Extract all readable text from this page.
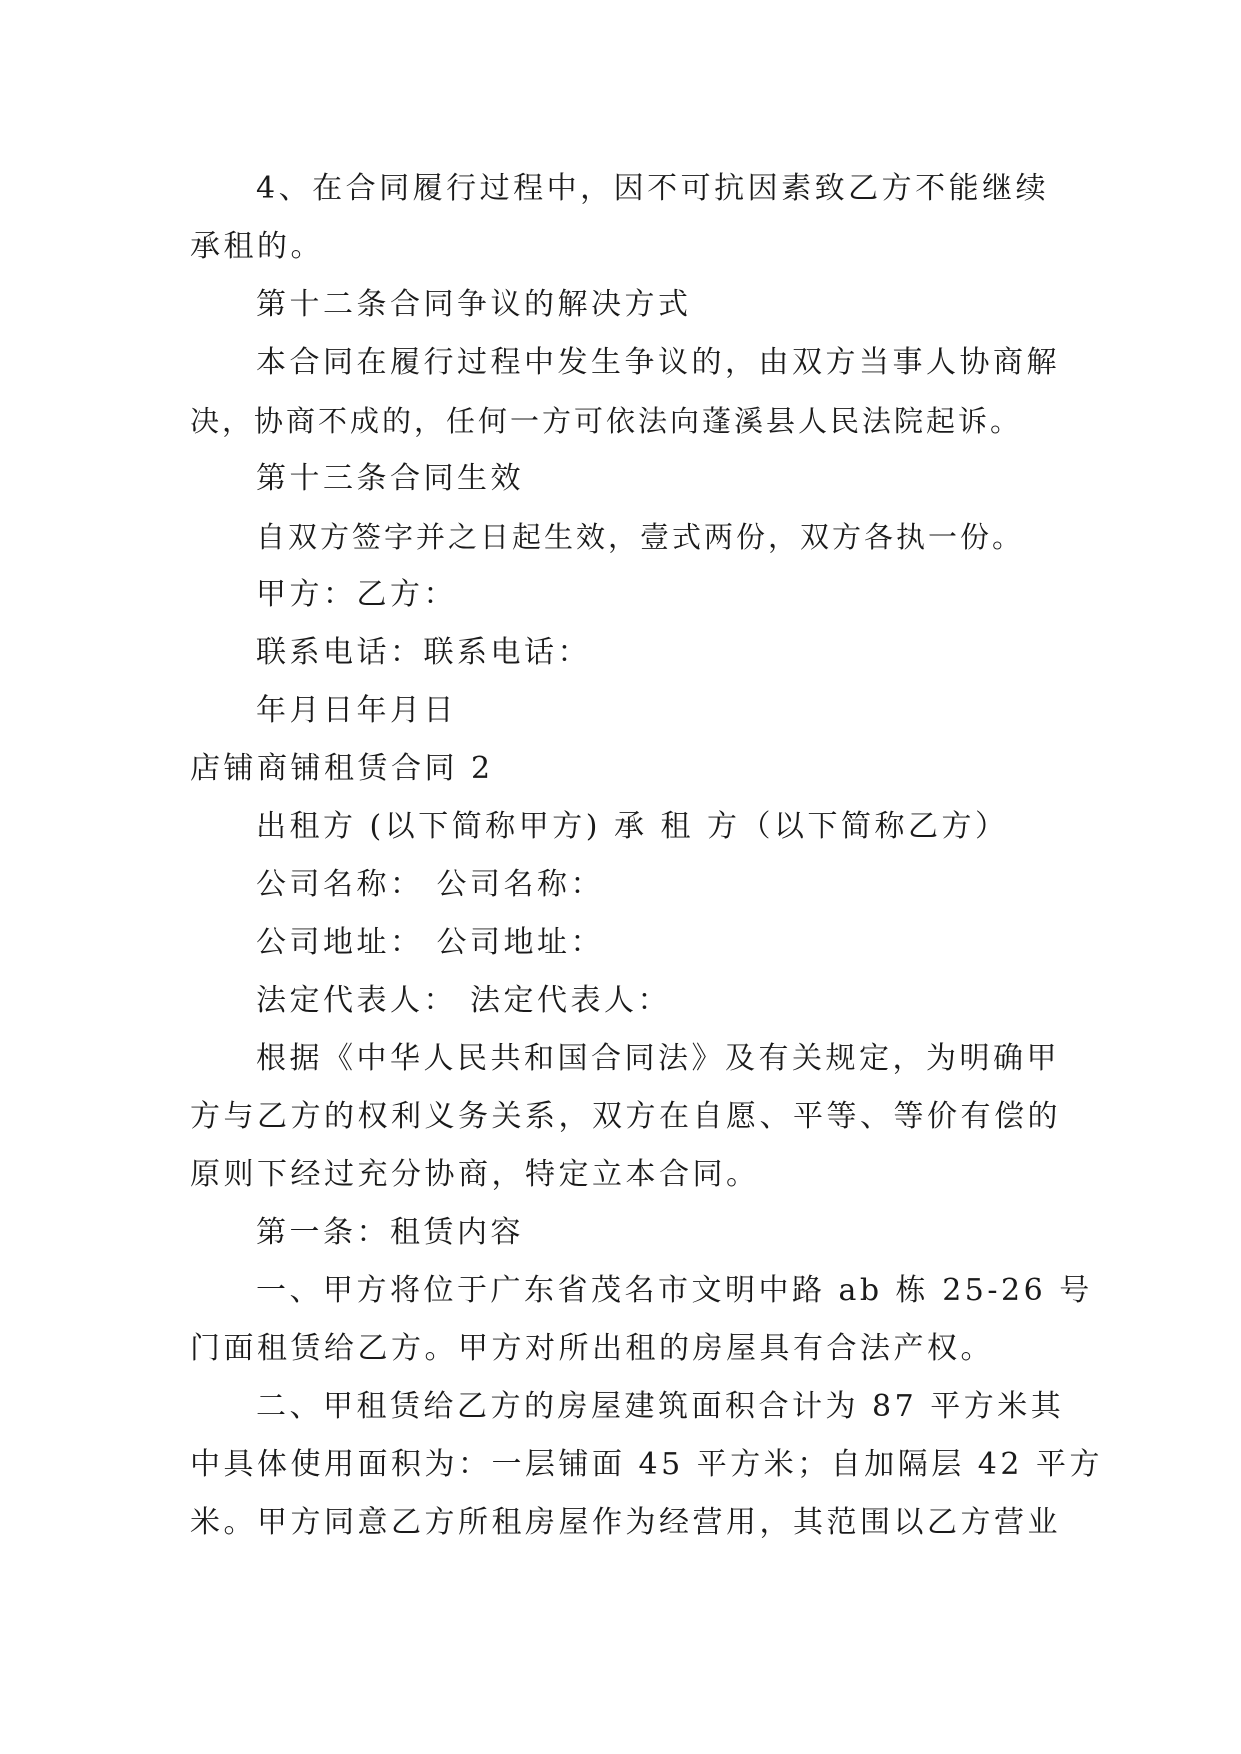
4、在合同履行过程中，因不可抗因素致乙方不能继续
承租的。
第十二条合同争议的解决方式
本合同在履行过程中发生争议的，由双方当事人协商解
决，协商不成的，任何一方可依法向蓬溪县人民法院起诉。
第十三条合同生效
自双方签字并之日起生效，壹式两份，双方各执一份。
甲方：乙方：
联系电话：联系电话：
年月日年月日
店铺商铺租赁合同 2
出租方 (以下简称甲方) 承 租 方（以下简称乙方）
公司名称： 公司名称：
公司地址： 公司地址：
法定代表人： 法定代表人：
根据《中华人民共和国合同法》及有关规定，为明确甲
方与乙方的权利义务关系，双方在自愿、平等、等价有偿的
原则下经过充分协商，特定立本合同。
第一条：租赁内容
一、甲方将位于广东省茂名市文明中路 ab 栋 25-26 号
门面租赁给乙方。甲方对所出租的房屋具有合法产权。
二、甲租赁给乙方的房屋建筑面积合计为 87 平方米其
中具体使用面积为：一层铺面 45 平方米；自加隔层 42 平方
米。甲方同意乙方所租房屋作为经营用，其范围以乙方营业
